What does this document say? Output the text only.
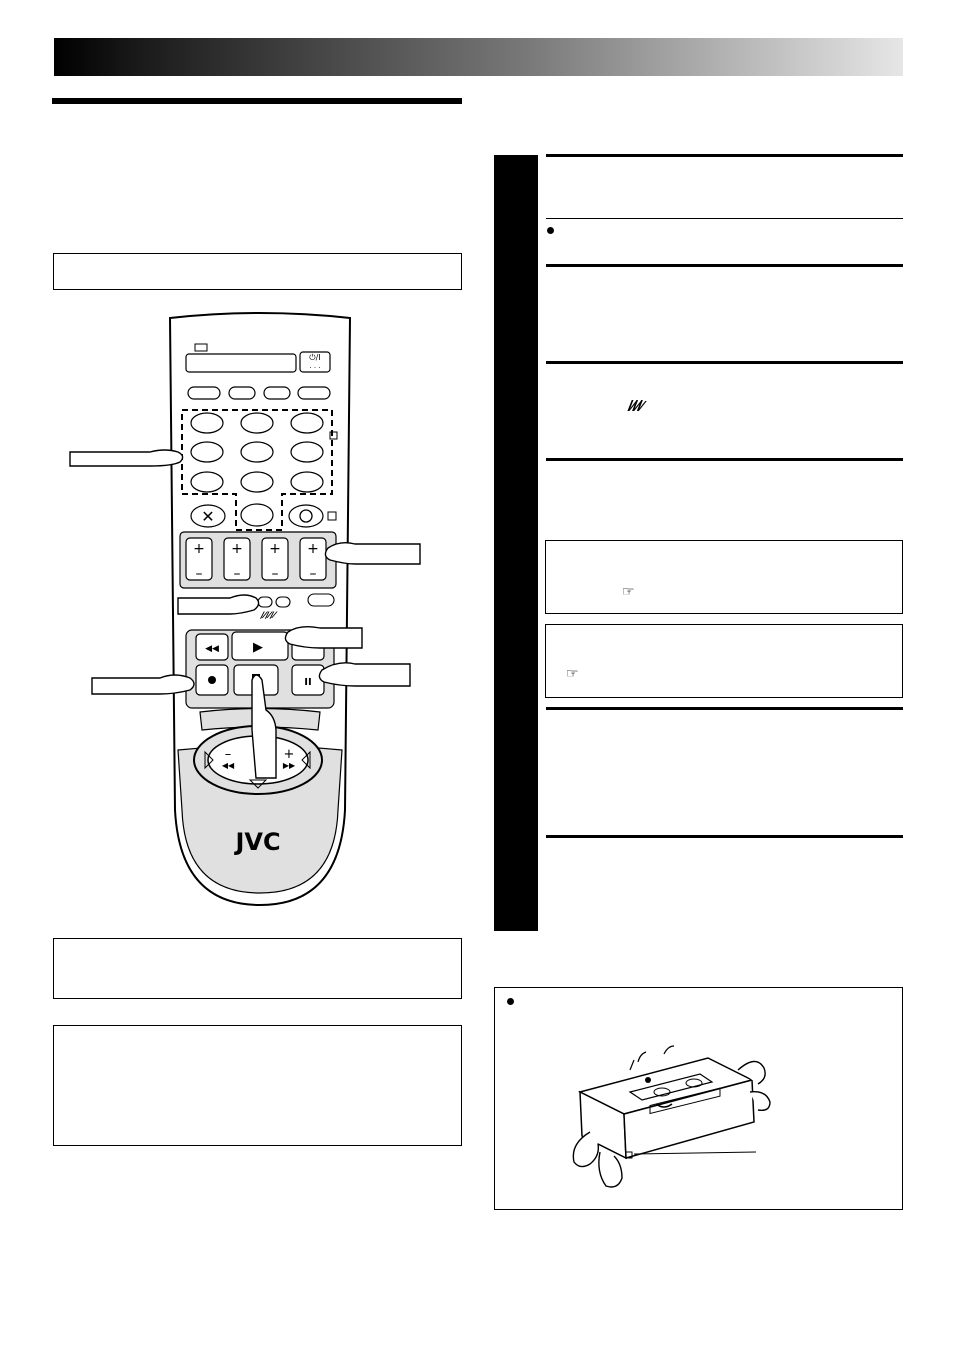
⏻/I
· · ·
✕
+ + + +
– – – –
/⁄/⁄/⁄
◀◀	▶
II
–
◀◀
+
▶▶
JVC
/⁄/⁄/⁄
☞
☞
